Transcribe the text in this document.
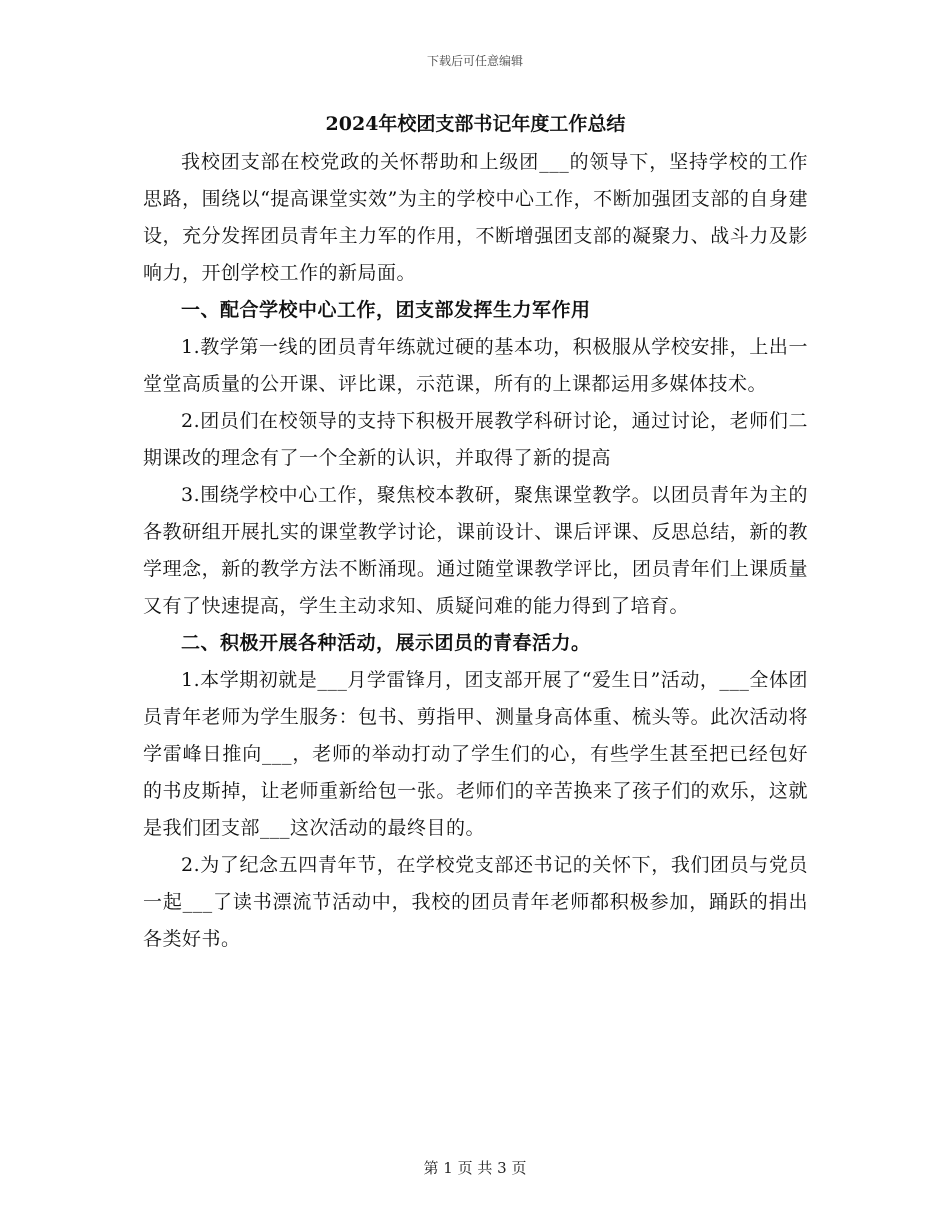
下载后可任意编辑
2024年校团支部书记年度工作总结

我校团支部在校党政的关怀帮助和上级团___的领导下，坚持学校的工作思路，围绕以“提高课堂实效”为主的学校中心工作，不断加强团支部的自身建设，充分发挥团员青年主力军的作用，不断增强团支部的凝聚力、战斗力及影响力，开创学校工作的新局面。

一、配合学校中心工作，团支部发挥生力军作用

1.教学第一线的团员青年练就过硬的基本功，积极服从学校安排，上出一堂堂高质量的公开课、评比课，示范课，所有的上课都运用多媒体技术。

2.团员们在校领导的支持下积极开展教学科研讨论，通过讨论，老师们二期课改的理念有了一个全新的认识，并取得了新的提高

3.围绕学校中心工作，聚焦校本教研，聚焦课堂教学。以团员青年为主的各教研组开展扎实的课堂教学讨论，课前设计、课后评课、反思总结，新的教学理念，新的教学方法不断涌现。通过随堂课教学评比，团员青年们上课质量又有了快速提高，学生主动求知、质疑问难的能力得到了培育。

二、积极开展各种活动，展示团员的青春活力。

1.本学期初就是___月学雷锋月，团支部开展了“爱生日”活动，___全体团员青年老师为学生服务：包书、剪指甲、测量身高体重、梳头等。此次活动将学雷峰日推向___，老师的举动打动了学生们的心，有些学生甚至把已经包好的书皮斯掉，让老师重新给包一张。老师们的辛苦换来了孩子们的欢乐，这就是我们团支部___这次活动的最终目的。

2.为了纪念五四青年节，在学校党支部还书记的关怀下，我们团员与党员一起___了读书漂流节活动中，我校的团员青年老师都积极参加，踊跃的捐出各类好书。

第 1 页 共 3 页
